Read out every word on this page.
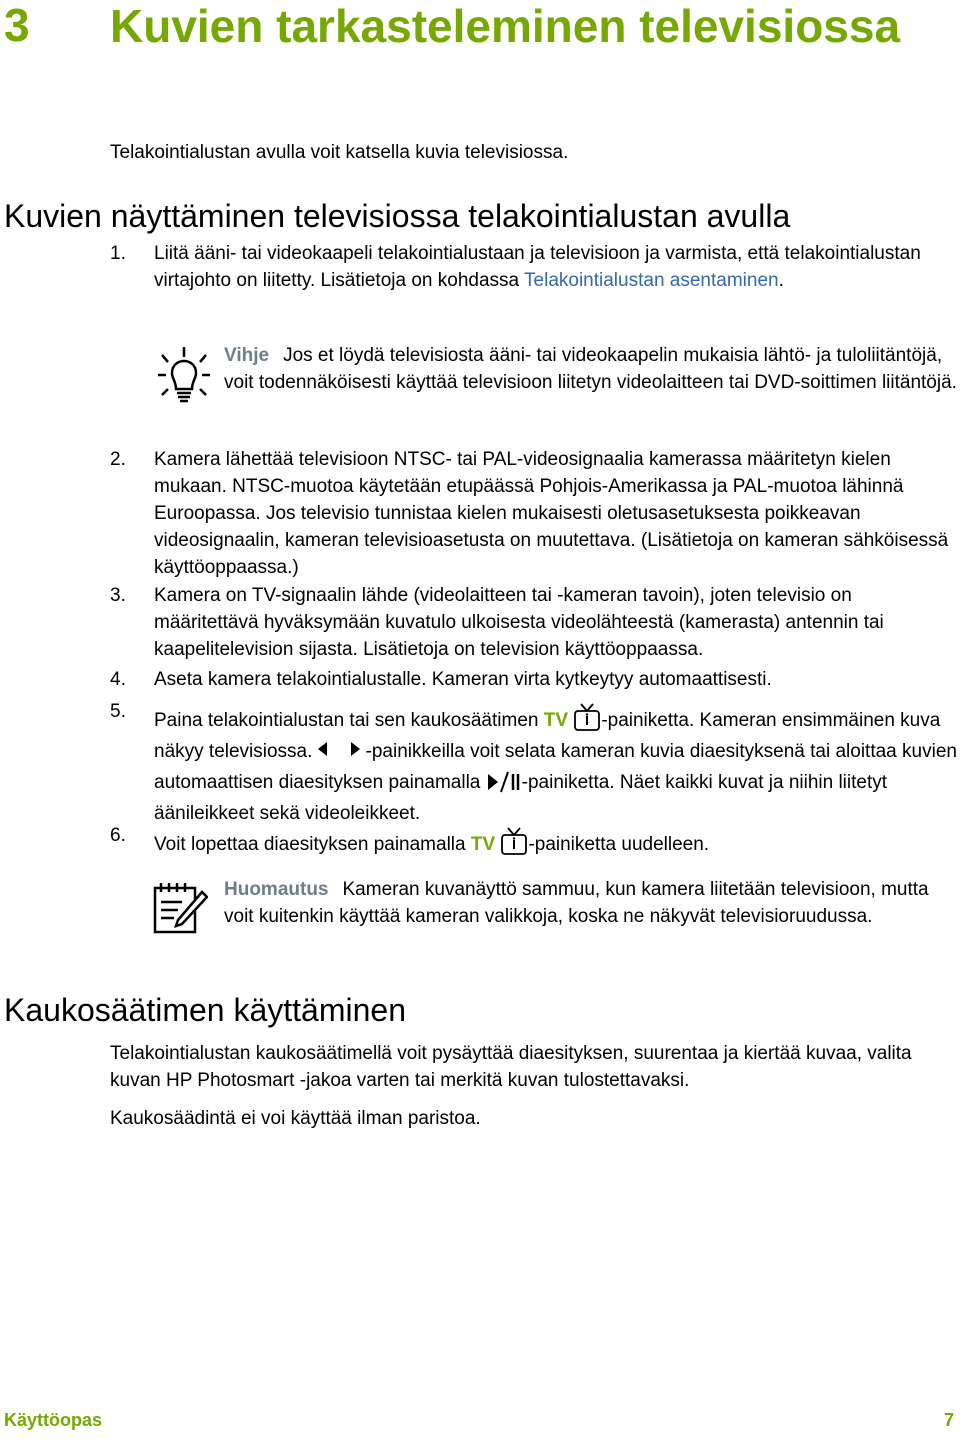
3 Kuvien tarkasteleminen televisiossa
Telakointialustan avulla voit katsella kuvia televisiossa.
Kuvien näyttäminen televisiossa telakointialustan avulla
1. Liitä ääni- tai videokaapeli telakointialustaan ja televisioon ja varmista, että telakointialustan virtajohto on liitetty. Lisätietoja on kohdassa Telakointialustan asentaminen.
Vihje Jos et löydä televisiosta ääni- tai videokaapelin mukaisia lähtö- ja tuloliitäntöjä, voit todennäköisesti käyttää televisioon liitetyn videolaitteen tai DVD-soittimen liitäntöjä.
2. Kamera lähettää televisioon NTSC- tai PAL-videosignaalia kamerassa määritetyn kielen mukaan. NTSC-muotoa käytetään etupäässä Pohjois-Amerikassa ja PAL-muotoa lähinnä Euroopassa. Jos televisio tunnistaa kielen mukaisesti oletusasetuksesta poikkeavan videosignaalin, kameran televisioasetusta on muutettava. (Lisätietoja on kameran sähköisessä käyttöoppaassa.)
3. Kamera on TV-signaalin lähde (videolaitteen tai -kameran tavoin), joten televisio on määritettävä hyväksymään kuvatulo ulkoisesta videolähteestä (kamerasta) antennin tai kaapelitelevision sijasta. Lisätietoja on television käyttöoppaassa.
4. Aseta kamera telakointialustalle. Kameran virta kytkeytyy automaattisesti.
5. Paina telakointialustan tai sen kaukosäätimen TV -painiketta. Kameran ensimmäinen kuva näkyy televisiossa.    -painikkeilla voit selata kameran kuvia diaesityksenä tai aloittaa kuvien automaattisen diaesityksen painamalla -painiketta. Näet kaikki kuvat ja niihin liitetyt äänileikkeet sekä videoleikkeet.
6. Voit lopettaa diaesityksen painamalla TV -painiketta uudelleen.
Huomautus Kameran kuvanäyttö sammuu, kun kamera liitetään televisioon, mutta voit kuitenkin käyttää kameran valikkoja, koska ne näkyvät televisioruudussa.
Kaukosäätimen käyttäminen
Telakointialustan kaukosäätimellä voit pysäyttää diaesityksen, suurentaa ja kiertää kuvaa, valita kuvan HP Photosmart -jakoa varten tai merkitä kuvan tulostettavaksi.
Kaukosäädintä ei voi käyttää ilman paristoa.
Käyttöopas	7
